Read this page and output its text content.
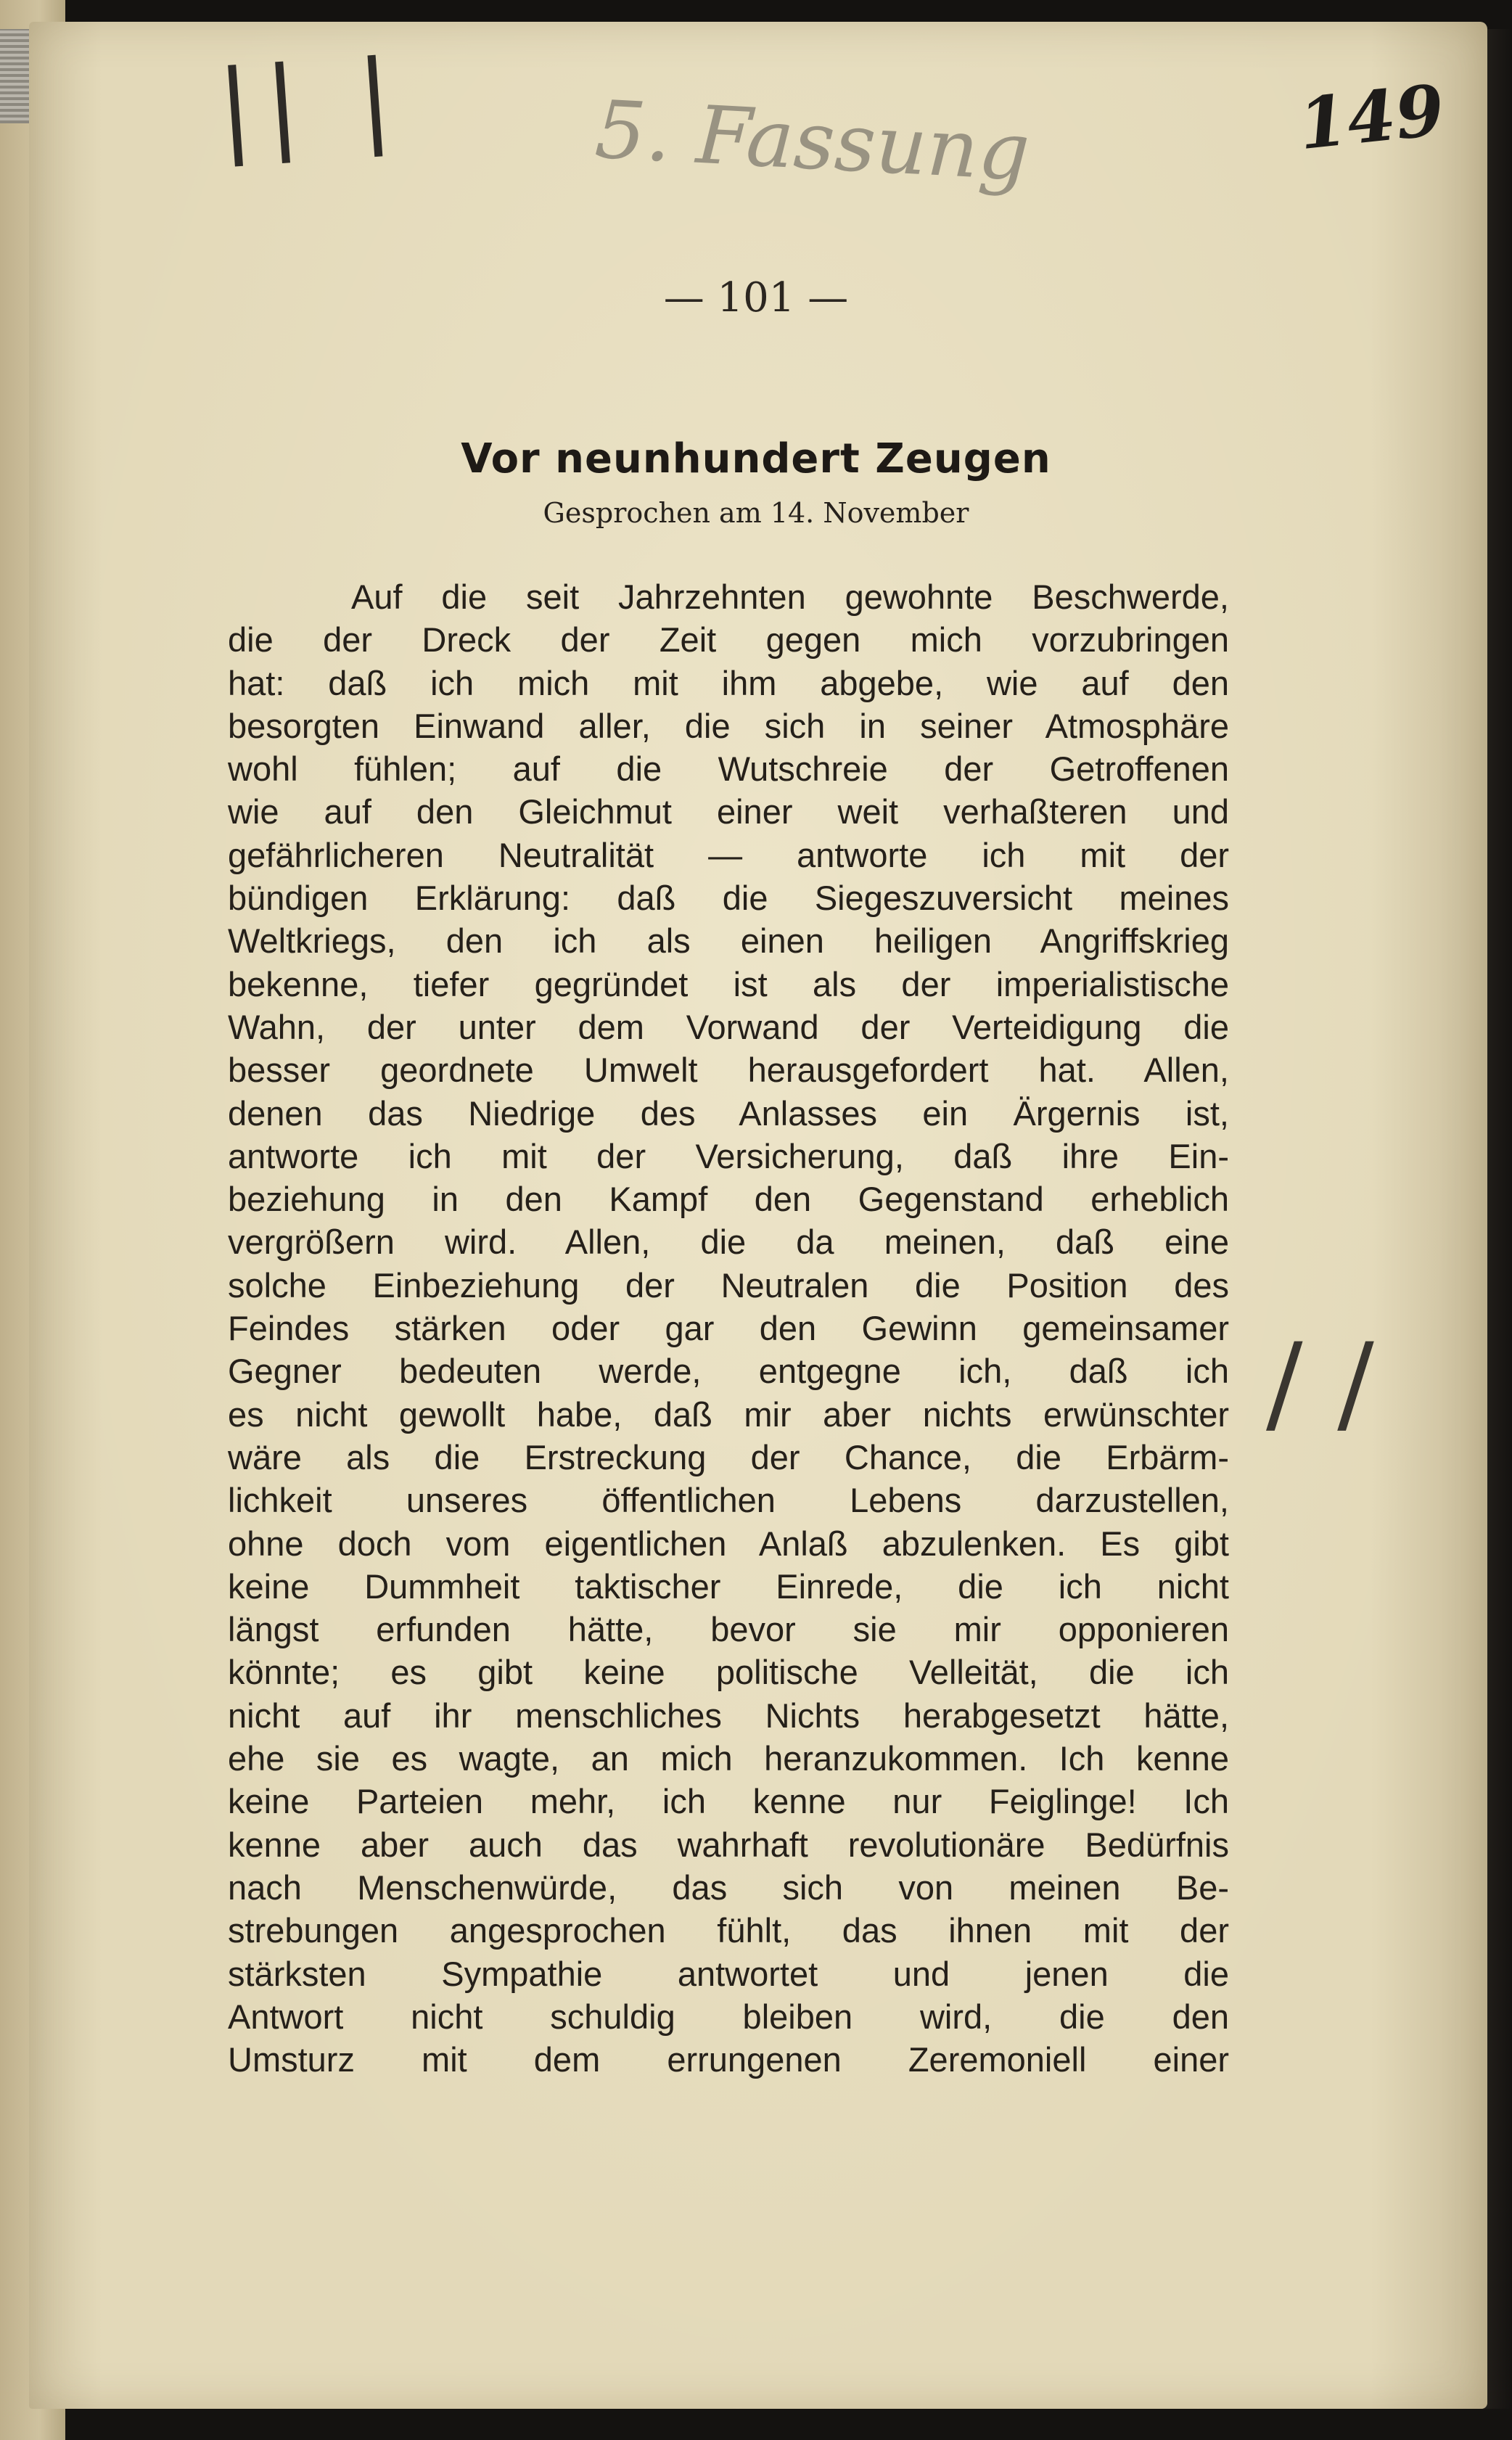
|| | 5. Fassung	149
/ /
— 101 —
Vor neunhundert Zeugen
Gesprochen am 14. November
Auf die seit Jahrzehnten gewohnte Beschwerde,
die der Dreck der Zeit gegen mich vorzubringen
hat: daß ich mich mit ihm abgebe, wie auf den
besorgten Einwand aller, die sich in seiner Atmosphäre
wohl fühlen; auf die Wutschreie der Getroffenen
wie auf den Gleichmut einer weit verhaßteren und
gefährlicheren Neutralität — antworte ich mit der
bündigen Erklärung: daß die Siegeszuversicht meines
Weltkriegs, den ich als einen heiligen Angriffskrieg
bekenne, tiefer gegründet ist als der imperialistische
Wahn, der unter dem Vorwand der Verteidigung die
besser geordnete Umwelt herausgefordert hat. Allen,
denen das Niedrige des Anlasses ein Ärgernis ist,
antworte ich mit der Versicherung, daß ihre Ein-
beziehung in den Kampf den Gegenstand erheblich
vergrößern wird. Allen, die da meinen, daß eine
solche Einbeziehung der Neutralen die Position des
Feindes stärken oder gar den Gewinn gemeinsamer
Gegner bedeuten werde, entgegne ich, daß ich
es nicht gewollt habe, daß mir aber nichts erwünschter
wäre als die Erstreckung der Chance, die Erbärm-
lichkeit unseres öffentlichen Lebens darzustellen,
ohne doch vom eigentlichen Anlaß abzulenken. Es gibt
keine Dummheit taktischer Einrede, die ich nicht
längst erfunden hätte, bevor sie mir opponieren
könnte; es gibt keine politische Velleität, die ich
nicht auf ihr menschliches Nichts herabgesetzt hätte,
ehe sie es wagte, an mich heranzukommen. Ich kenne
keine Parteien mehr, ich kenne nur Feiglinge! Ich
kenne aber auch das wahrhaft revolutionäre Bedürfnis
nach Menschenwürde, das sich von meinen Be-
strebungen angesprochen fühlt, das ihnen mit der
stärksten Sympathie antwortet und jenen die
Antwort nicht schuldig bleiben wird, die den
Umsturz mit dem errungenen Zeremoniell einer
